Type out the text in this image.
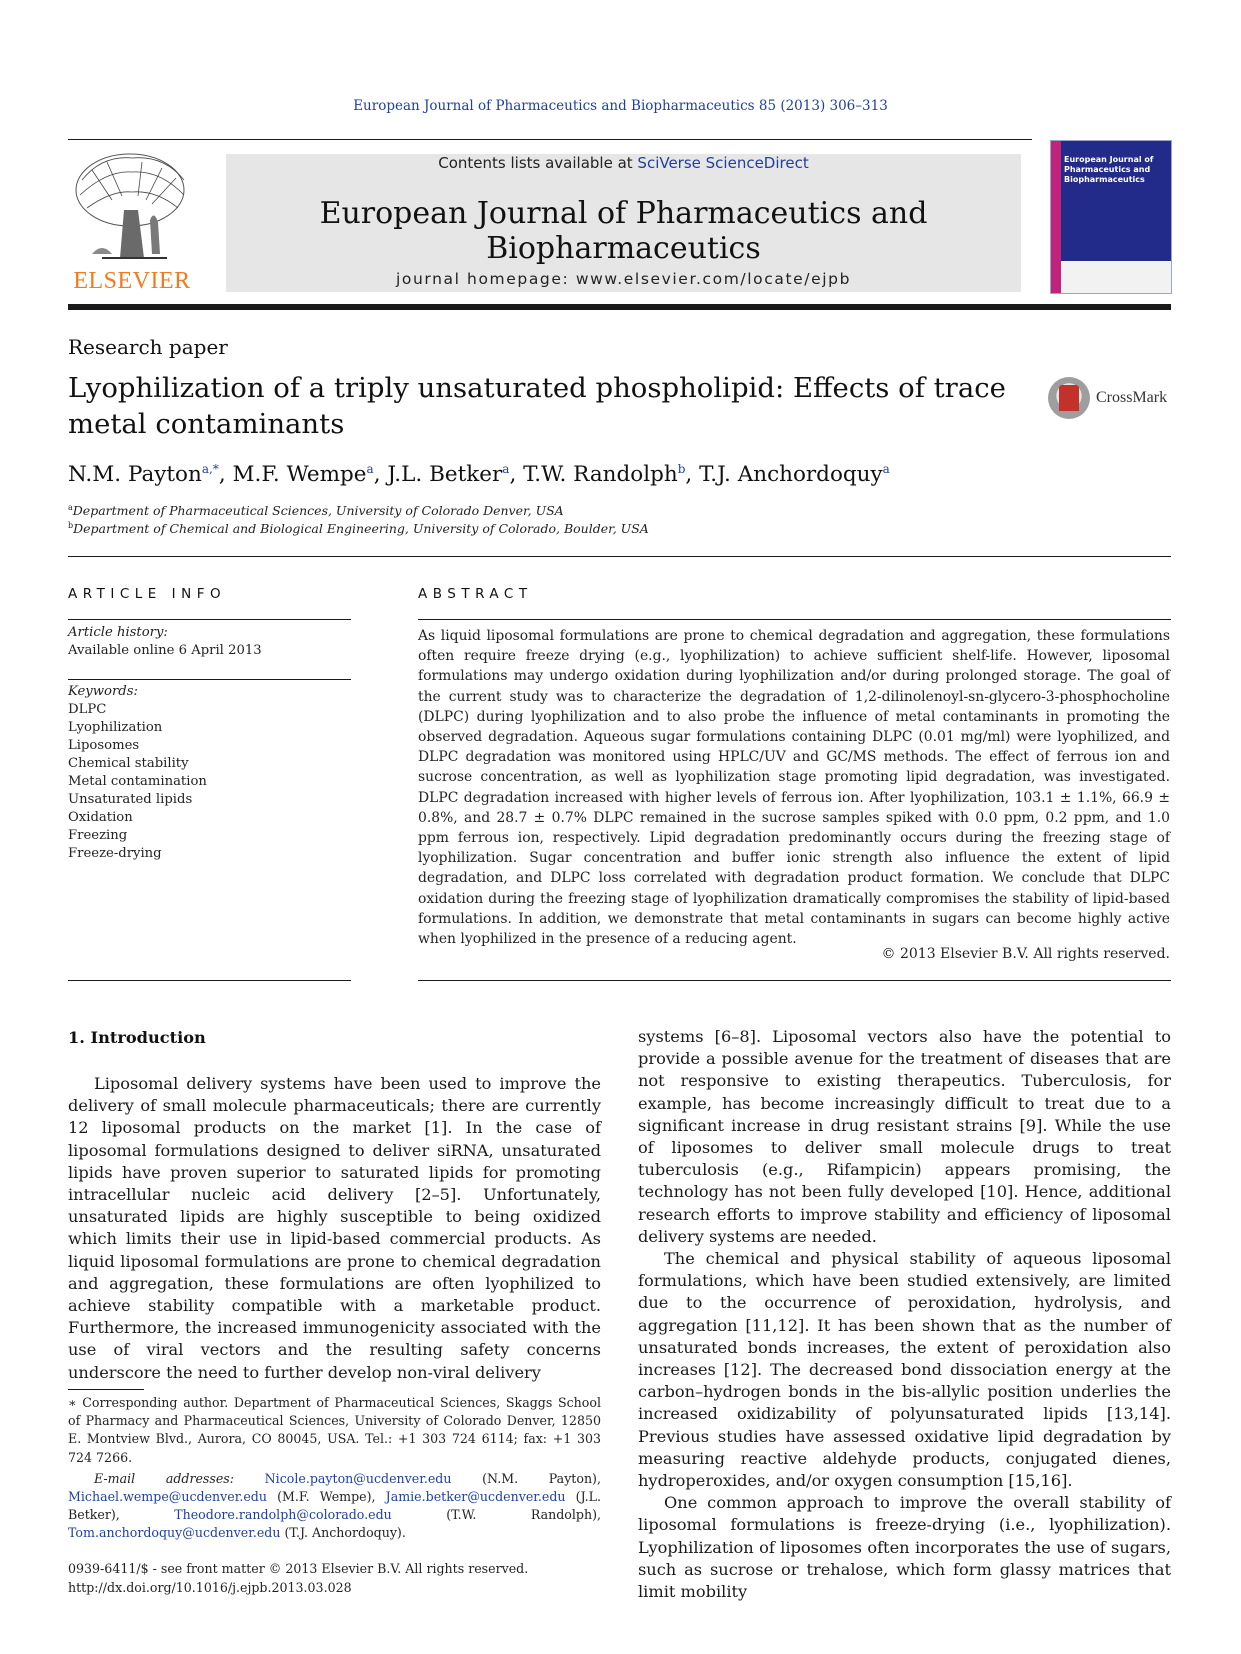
European Journal of Pharmaceutics and Biopharmaceutics 85 (2013) 306–313
ELSEVIER
Contents lists available at SciVerse ScienceDirect
European Journal of Pharmaceutics and Biopharmaceutics
journal homepage: www.elsevier.com/locate/ejpb
European Journal of Pharmaceutics and Biopharmaceutics
Research paper
Lyophilization of a triply unsaturated phospholipid: Effects of trace
metal contaminants
CrossMark
N.M. Payton$^{a,*}$, M.F. Wempe$^a$, J.L. Betker$^a$, T.W. Randolph$^b$, T.J. Anchordoquy$^a$
$^a$Department of Pharmaceutical Sciences, University of Colorado Denver, USA
$^b$Department of Chemical and Biological Engineering, University of Colorado, Boulder, USA
ARTICLE INFO
Article history:
Available online 6 April 2013
Keywords:
DLPC
Lyophilization
Liposomes
Chemical stability
Metal contamination
Unsaturated lipids
Oxidation
Freezing
Freeze-drying
ABSTRACT
As liquid liposomal formulations are prone to chemical degradation and aggregation, these formulations often require freeze drying (e.g., lyophilization) to achieve sufficient shelf-life. However, liposomal formulations may undergo oxidation during lyophilization and/or during prolonged storage. The goal of the current study was to characterize the degradation of 1,2-dilinolenoyl-sn-glycero-3-phosphocholine (DLPC) during lyophilization and to also probe the influence of metal contaminants in promoting the observed degradation. Aqueous sugar formulations containing DLPC (0.01 mg/ml) were lyophilized, and DLPC degradation was monitored using HPLC/UV and GC/MS methods. The effect of ferrous ion and sucrose concentration, as well as lyophilization stage promoting lipid degradation, was investigated. DLPC degradation increased with higher levels of ferrous ion. After lyophilization, 103.1 ± 1.1%, 66.9 ± 0.8%, and 28.7 ± 0.7% DLPC remained in the sucrose samples spiked with 0.0 ppm, 0.2 ppm, and 1.0 ppm ferrous ion, respectively. Lipid degradation predominantly occurs during the freezing stage of lyophilization. Sugar concentration and buffer ionic strength also influence the extent of lipid degradation, and DLPC loss correlated with degradation product formation. We conclude that DLPC oxidation during the freezing stage of lyophilization dramatically compromises the stability of lipid-based formulations. In addition, we demonstrate that metal contaminants in sugars can become highly active when lyophilized in the presence of a reducing agent.
© 2013 Elsevier B.V. All rights reserved.
1. Introduction

Liposomal delivery systems have been used to improve the delivery of small molecule pharmaceuticals; there are currently 12 liposomal products on the market [1]. In the case of liposomal formulations designed to deliver siRNA, unsaturated lipids have proven superior to saturated lipids for promoting intracellular nucleic acid delivery [2–5]. Unfortunately, unsaturated lipids are highly susceptible to being oxidized which limits their use in lipid-based commercial products. As liquid liposomal formulations are prone to chemical degradation and aggregation, these formulations are often lyophilized to achieve stability compatible with a marketable product. Furthermore, the increased immunogenicity associated with the use of viral vectors and the resulting safety concerns underscore the need to further develop non-viral delivery

systems [6–8]. Liposomal vectors also have the potential to provide a possible avenue for the treatment of diseases that are not responsive to existing therapeutics. Tuberculosis, for example, has become increasingly difficult to treat due to a significant increase in drug resistant strains [9]. While the use of liposomes to deliver small molecule drugs to treat tuberculosis (e.g., Rifampicin) appears promising, the technology has not been fully developed [10]. Hence, additional research efforts to improve stability and efficiency of liposomal delivery systems are needed.

The chemical and physical stability of aqueous liposomal formulations, which have been studied extensively, are limited due to the occurrence of peroxidation, hydrolysis, and aggregation [11,12]. It has been shown that as the number of unsaturated bonds increases, the extent of peroxidation also increases [12]. The decreased bond dissociation energy at the carbon–hydrogen bonds in the bis-allylic position underlies the increased oxidizability of polyunsaturated lipids [13,14]. Previous studies have assessed oxidative lipid degradation by measuring reactive aldehyde products, conjugated dienes, hydroperoxides, and/or oxygen consumption [15,16].

One common approach to improve the overall stability of liposomal formulations is freeze-drying (i.e., lyophilization). Lyophilization of liposomes often incorporates the use of sugars, such as sucrose or trehalose, which form glassy matrices that limit mobility

∗ Corresponding author. Department of Pharmaceutical Sciences, Skaggs School of Pharmacy and Pharmaceutical Sciences, University of Colorado Denver, 12850 E. Montview Blvd., Aurora, CO 80045, USA. Tel.: +1 303 724 6114; fax: +1 303 724 7266.
E-mail addresses: Nicole.payton@ucdenver.edu (N.M. Payton), Michael.wempe@ucdenver.edu (M.F. Wempe), Jamie.betker@ucdenver.edu (J.L. Betker), Theodore.randolph@colorado.edu (T.W. Randolph), Tom.anchordoquy@ucdenver.edu (T.J. Anchordoquy).
0939-6411/$ - see front matter © 2013 Elsevier B.V. All rights reserved.
http://dx.doi.org/10.1016/j.ejpb.2013.03.028
